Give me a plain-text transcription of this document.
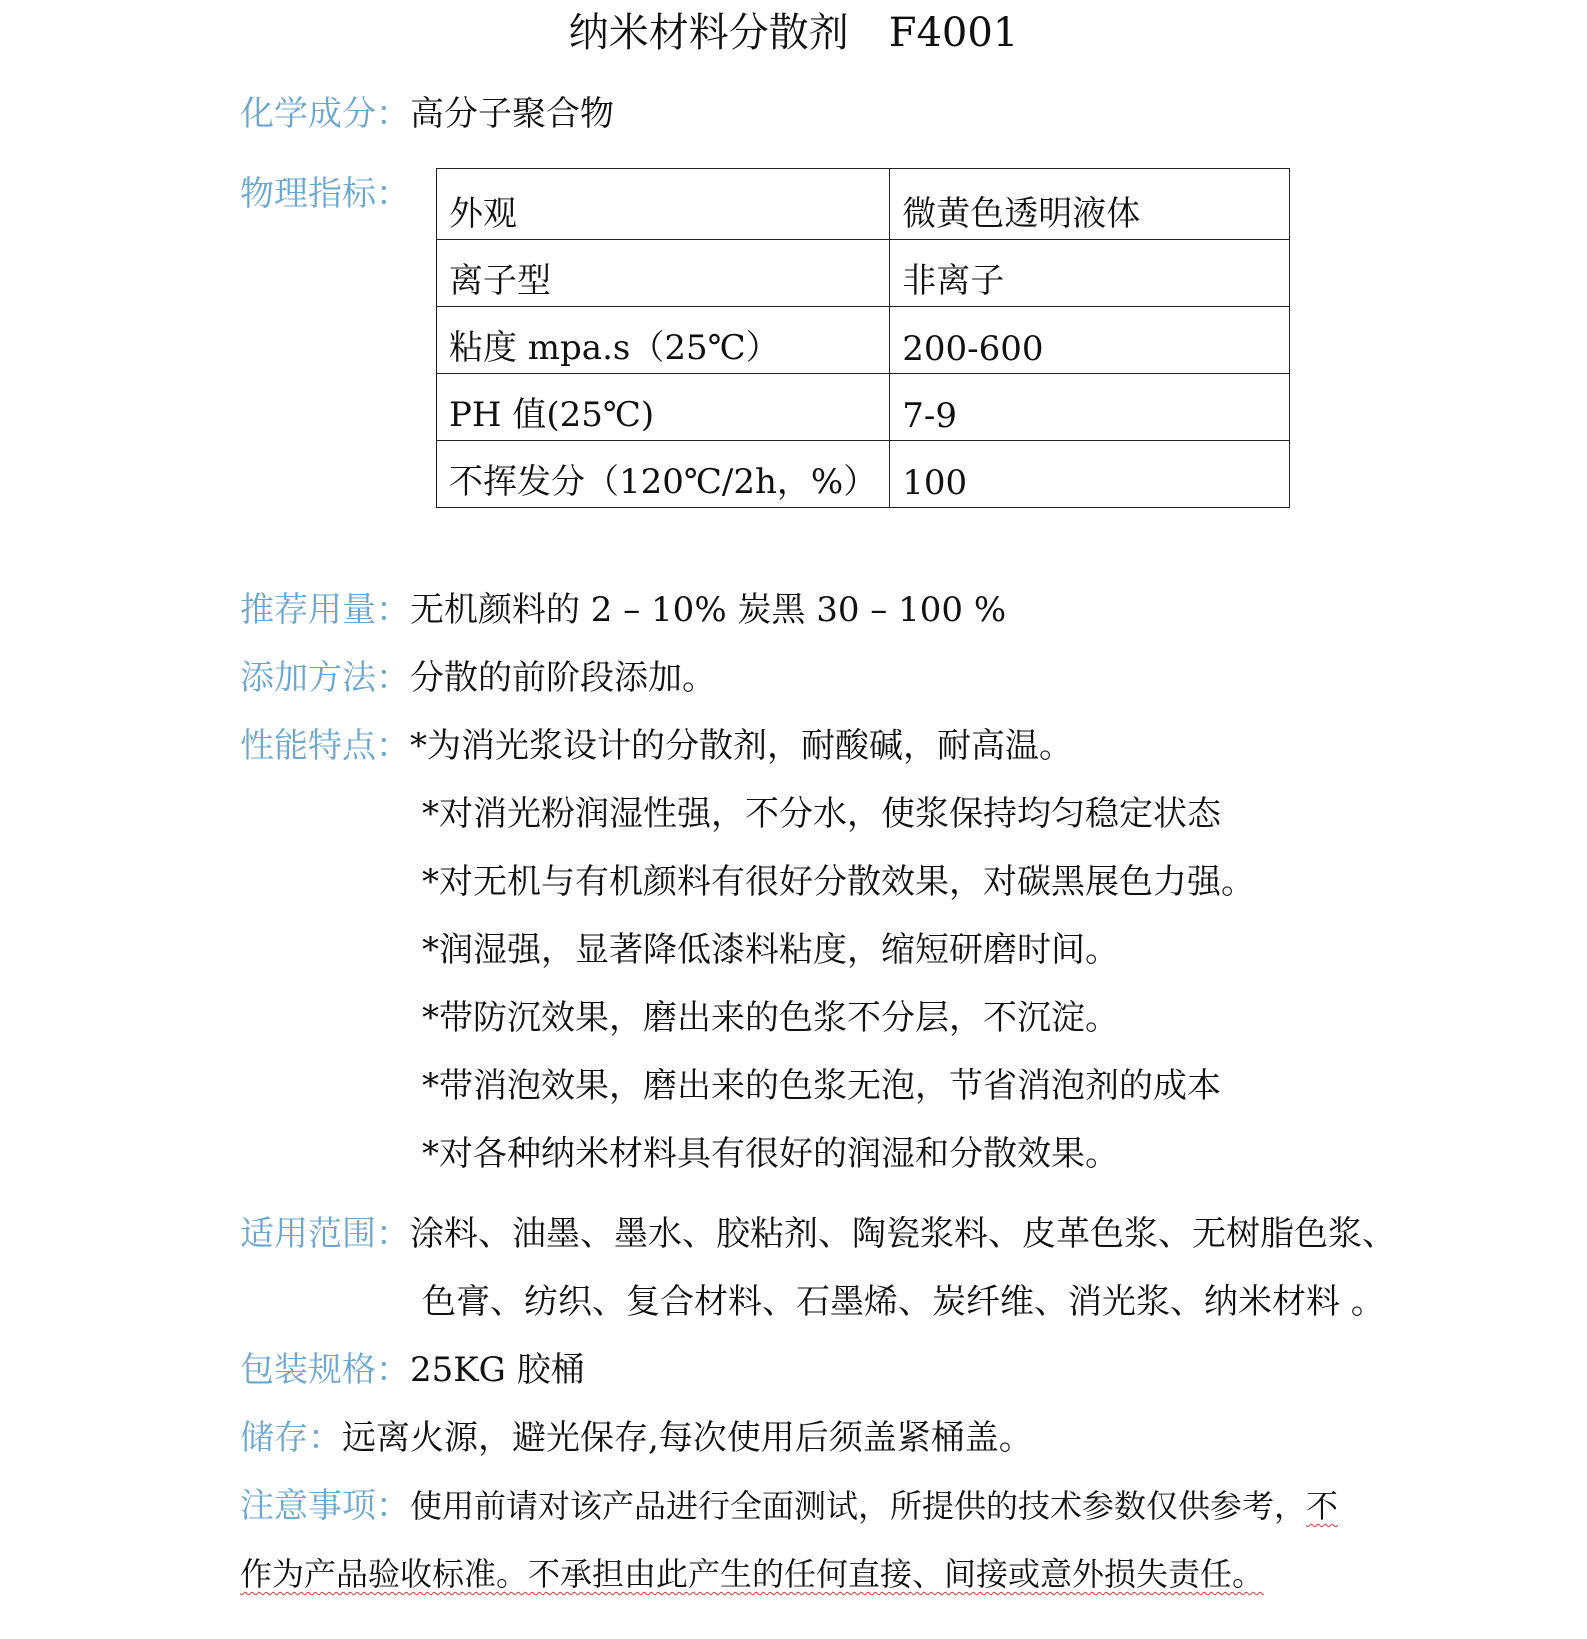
纳米材料分散剂 F4001
化学成分：高分子聚合物
物理指标： 外观	微黄色透明液体
离子型	非离子
粘度 mpa.s（25℃）	200-600
PH 值(25℃)	7-9
不挥发分（120℃/2h，%）	100
推荐用量：无机颜料的 2 – 10% 炭黑 30 – 100 %
添加方法：分散的前阶段添加。
性能特点：*为消光浆设计的分散剂，耐酸碱，耐高温。
*对消光粉润湿性强，不分水，使浆保持均匀稳定状态
*对无机与有机颜料有很好分散效果，对碳黑展色力强。
*润湿强，显著降低漆料粘度，缩短研磨时间。
*带防沉效果，磨出来的色浆不分层，不沉淀。
*带消泡效果，磨出来的色浆无泡，节省消泡剂的成本
*对各种纳米材料具有很好的润湿和分散效果。
适用范围：涂料、油墨、墨水、胶粘剂、陶瓷浆料、皮革色浆、无树脂色浆、
色膏、纺织、复合材料、石墨烯、炭纤维、消光浆、纳米材料 。
包装规格：25KG 胶桶
储存：远离火源，避光保存,每次使用后须盖紧桶盖。
注意事项：使用前请对该产品进行全面测试，所提供的技术参数仅供参考，不
作为产品验收标准。不承担由此产生的任何直接、间接或意外损失责任。
